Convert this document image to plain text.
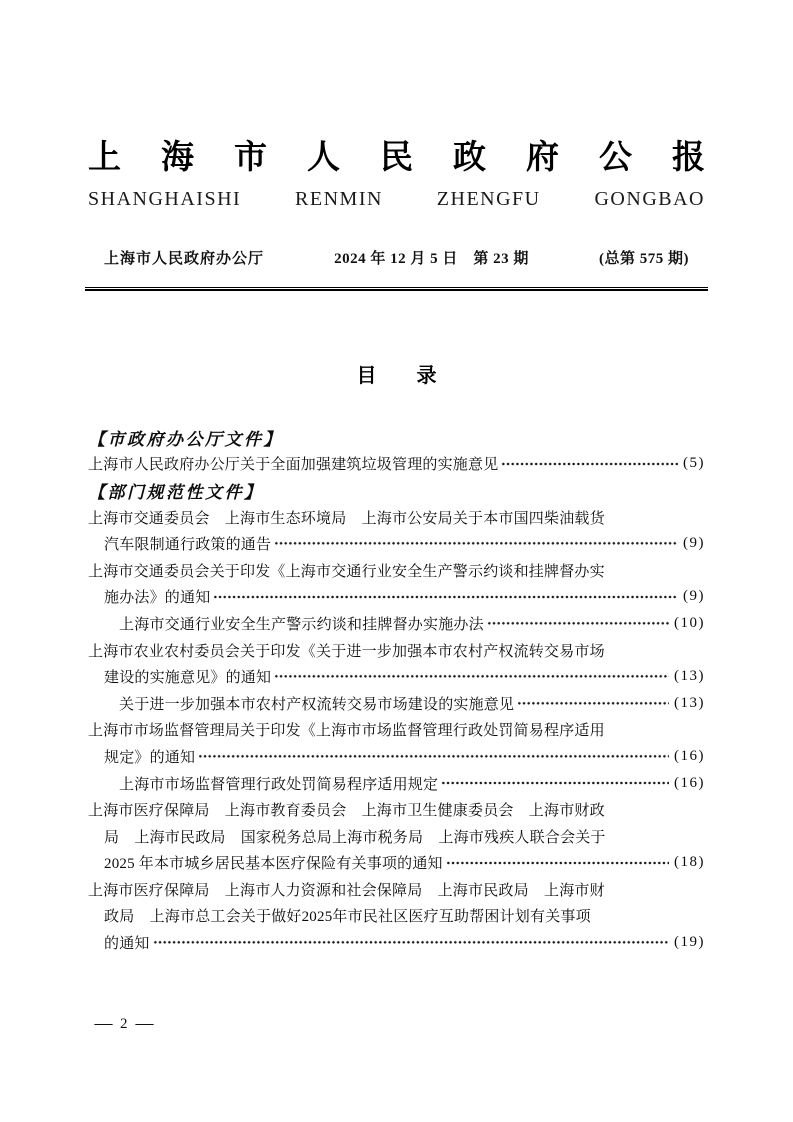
上 海 市 人 民 政 府 公 报
SHANGHAISHI	RENMIN	ZHENGFU	GONGBAO
上海市人民政府办公厅	2024 年 12 月 5 日　第 23 期	(总第 575 期)
目　　录
【市政府办公厅文件】
上海市人民政府办公厅关于全面加强建筑垃圾管理的实施意见	(5)
【部门规范性文件】
上海市交通委员会　上海市生态环境局　上海市公安局关于本市国四柴油载货
汽车限制通行政策的通告	(9)
上海市交通委员会关于印发《上海市交通行业安全生产警示约谈和挂牌督办实
施办法》的通知	(9)
上海市交通行业安全生产警示约谈和挂牌督办实施办法	(10)
上海市农业农村委员会关于印发《关于进一步加强本市农村产权流转交易市场
建设的实施意见》的通知	(13)
关于进一步加强本市农村产权流转交易市场建设的实施意见	(13)
上海市市场监督管理局关于印发《上海市市场监督管理行政处罚简易程序适用
规定》的通知	(16)
上海市市场监督管理行政处罚简易程序适用规定	(16)
上海市医疗保障局　上海市教育委员会　上海市卫生健康委员会　上海市财政
局　上海市民政局　国家税务总局上海市税务局　上海市残疾人联合会关于
2025 年本市城乡居民基本医疗保险有关事项的通知	(18)
上海市医疗保障局　上海市人力资源和社会保障局　上海市民政局　上海市财
政局　上海市总工会关于做好2025年市民社区医疗互助帮困计划有关事项
的通知	(19)
— 2 —
